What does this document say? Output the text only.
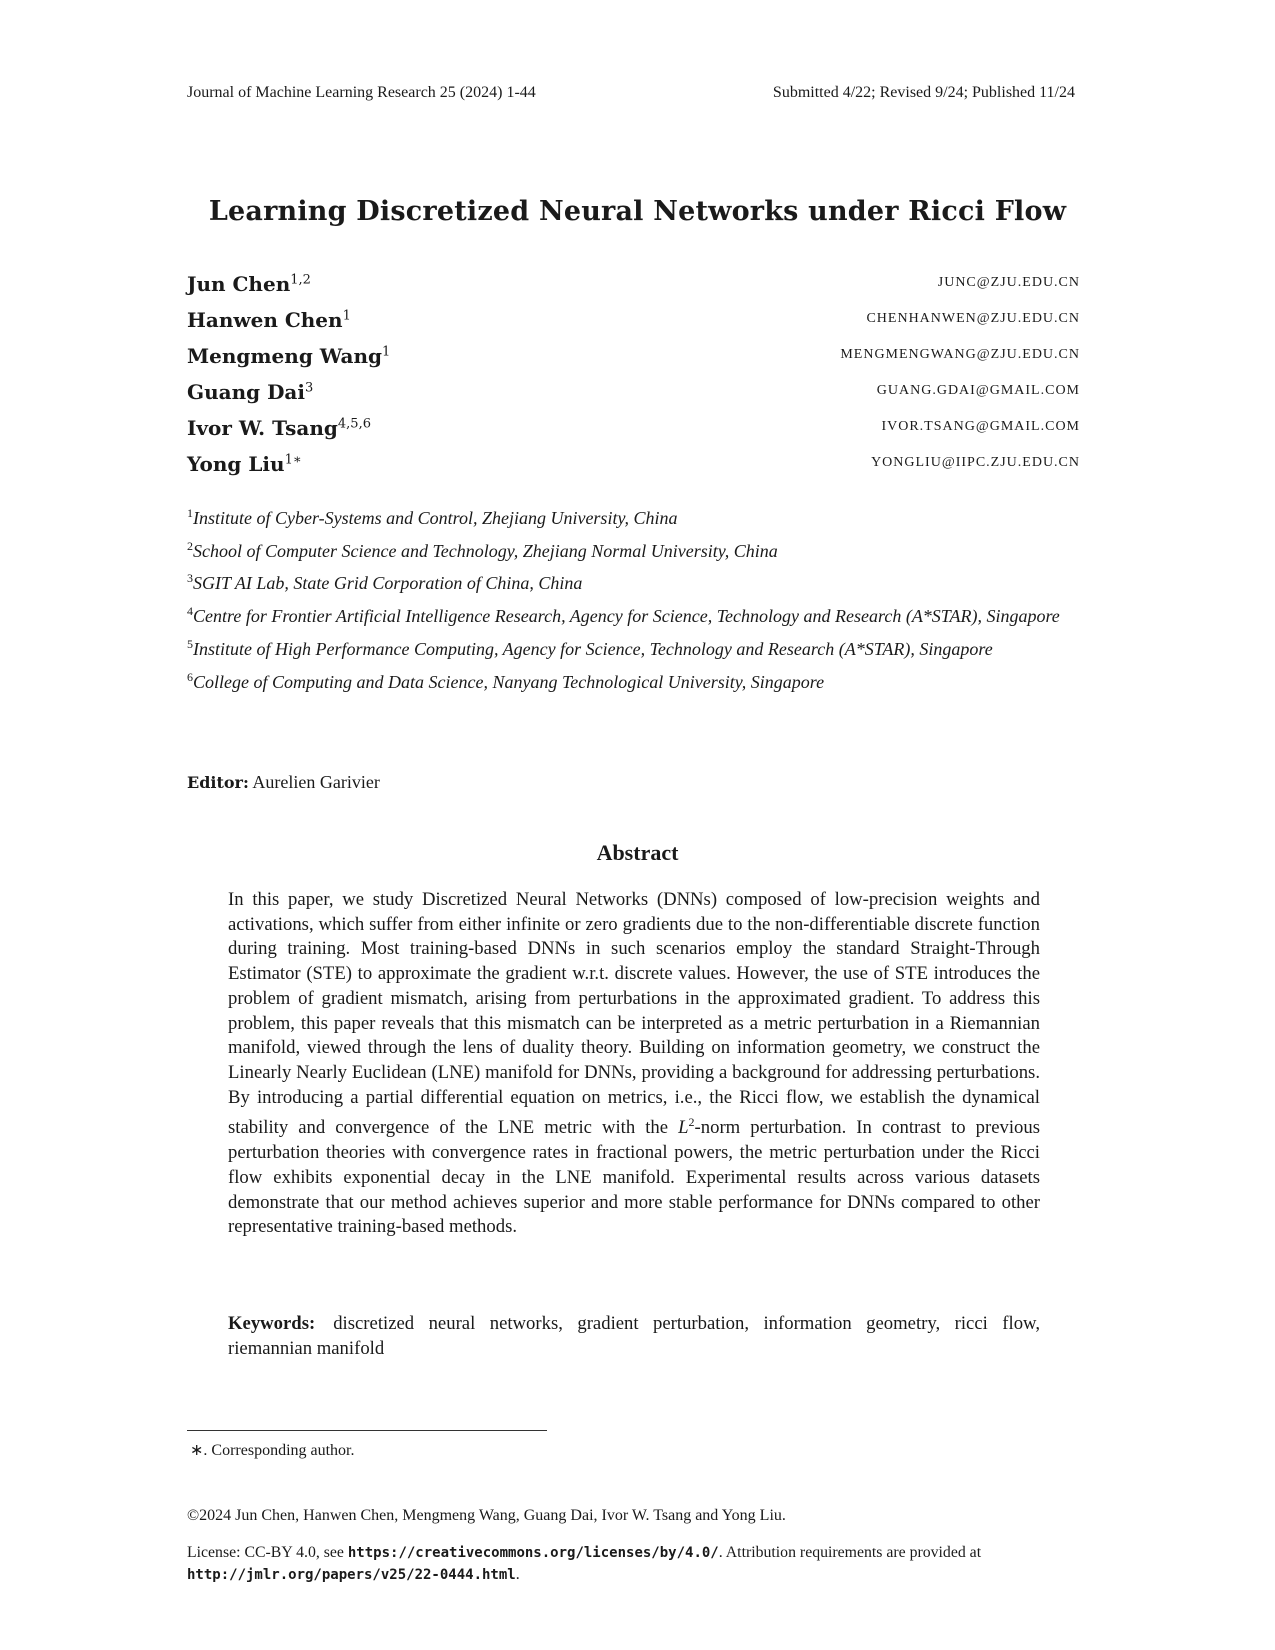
Journal of Machine Learning Research 25 (2024) 1-44	Submitted 4/22; Revised 9/24; Published 11/24
Learning Discretized Neural Networks under Ricci Flow
Jun Chen$^{1,2}$	JUNC@ZJU.EDU.CN
Hanwen Chen$^1$	CHENHANWEN@ZJU.EDU.CN
Mengmeng Wang$^1$	MENGMENGWANG@ZJU.EDU.CN
Guang Dai$^3$	GUANG.GDAI@GMAIL.COM
Ivor W. Tsang$^{4,5,6}$	IVOR.TSANG@GMAIL.COM
Yong Liu$^{1∗}$	YONGLIU@IIPC.ZJU.EDU.CN
$^1$Institute of Cyber-Systems and Control, Zhejiang University, China
$^2$School of Computer Science and Technology, Zhejiang Normal University, China
$^3$SGIT AI Lab, State Grid Corporation of China, China
$^4$Centre for Frontier Artificial Intelligence Research, Agency for Science, Technology and Research (A*STAR), Singapore
$^5$Institute of High Performance Computing, Agency for Science, Technology and Research (A*STAR), Singapore
$^6$College of Computing and Data Science, Nanyang Technological University, Singapore
Editor: Aurelien Garivier
Abstract
In this paper, we study Discretized Neural Networks (DNNs) composed of low-precision weights and activations, which suffer from either infinite or zero gradients due to the non-differentiable discrete function during training. Most training-based DNNs in such scenarios employ the standard Straight-Through Estimator (STE) to approximate the gradient w.r.t. discrete values. However, the use of STE introduces the problem of gradient mismatch, arising from perturbations in the approximated gradient. To address this problem, this paper reveals that this mismatch can be interpreted as a metric perturbation in a Riemannian manifold, viewed through the lens of duality theory. Building on information geometry, we construct the Linearly Nearly Euclidean (LNE) manifold for DNNs, providing a background for addressing perturbations. By introducing a partial differential equation on metrics, i.e., the Ricci flow, we establish the dynamical stability and convergence of the LNE metric with the $L^2$-norm perturbation. In contrast to previous perturbation theories with convergence rates in fractional powers, the metric perturbation under the Ricci flow exhibits exponential decay in the LNE manifold. Experimental results across various datasets demonstrate that our method achieves superior and more stable performance for DNNs compared to other representative training-based methods.
Keywords: discretized neural networks, gradient perturbation, information geometry, ricci flow, riemannian manifold
∗. Corresponding author.
©2024 Jun Chen, Hanwen Chen, Mengmeng Wang, Guang Dai, Ivor W. Tsang and Yong Liu.
License: CC-BY 4.0, see https://creativecommons.org/licenses/by/4.0/. Attribution requirements are provided at http://jmlr.org/papers/v25/22-0444.html.
